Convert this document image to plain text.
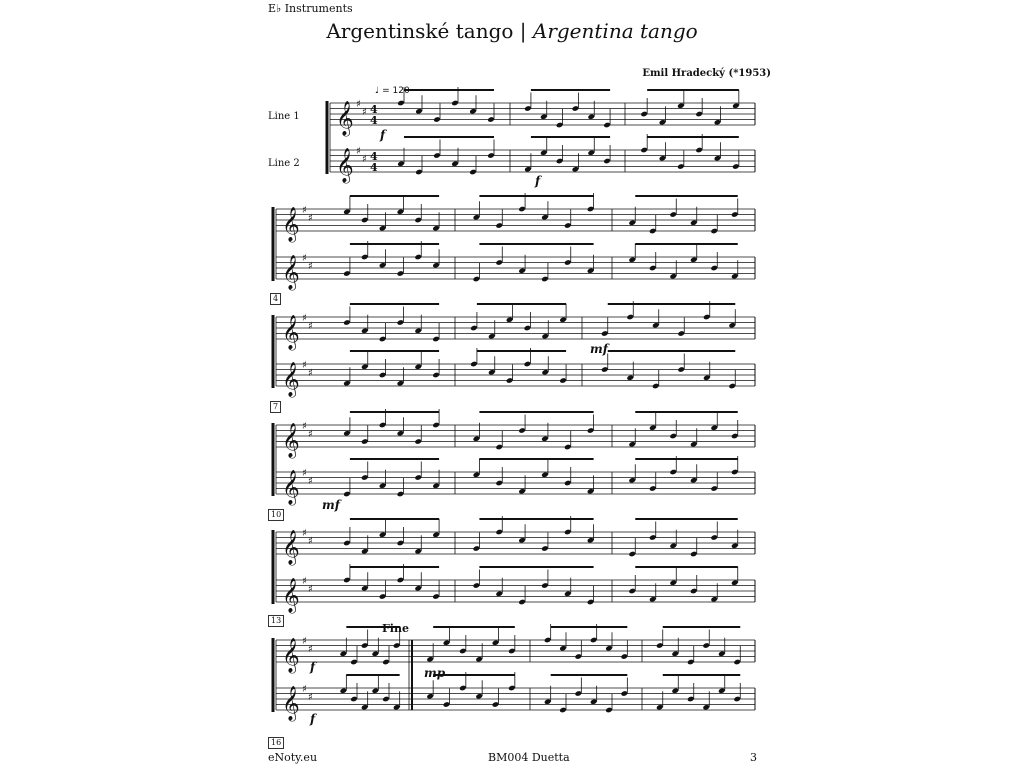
E♭ Instruments
Argentinské tango | Argentina tango
Emil Hradecký (*1953)
♩ = 120
Line 1
Line 2
𝄞 ♯
♯
𝄞 ♯
♯
4
4
4
4
𝄞 ♯
♯
𝄞 ♯
♯
𝄞 ♯
♯
𝄞 ♯
♯
𝄞 ♯
♯
𝄞 ♯
♯
𝄞 ♯
♯
𝄞 ♯
♯
𝄞 ♯
♯
𝄞 ♯
♯
4
7
10
13
16
f
f
mf
mf
f
f
mp
Fine
eNoty.eu	BM004 Duetta	3
